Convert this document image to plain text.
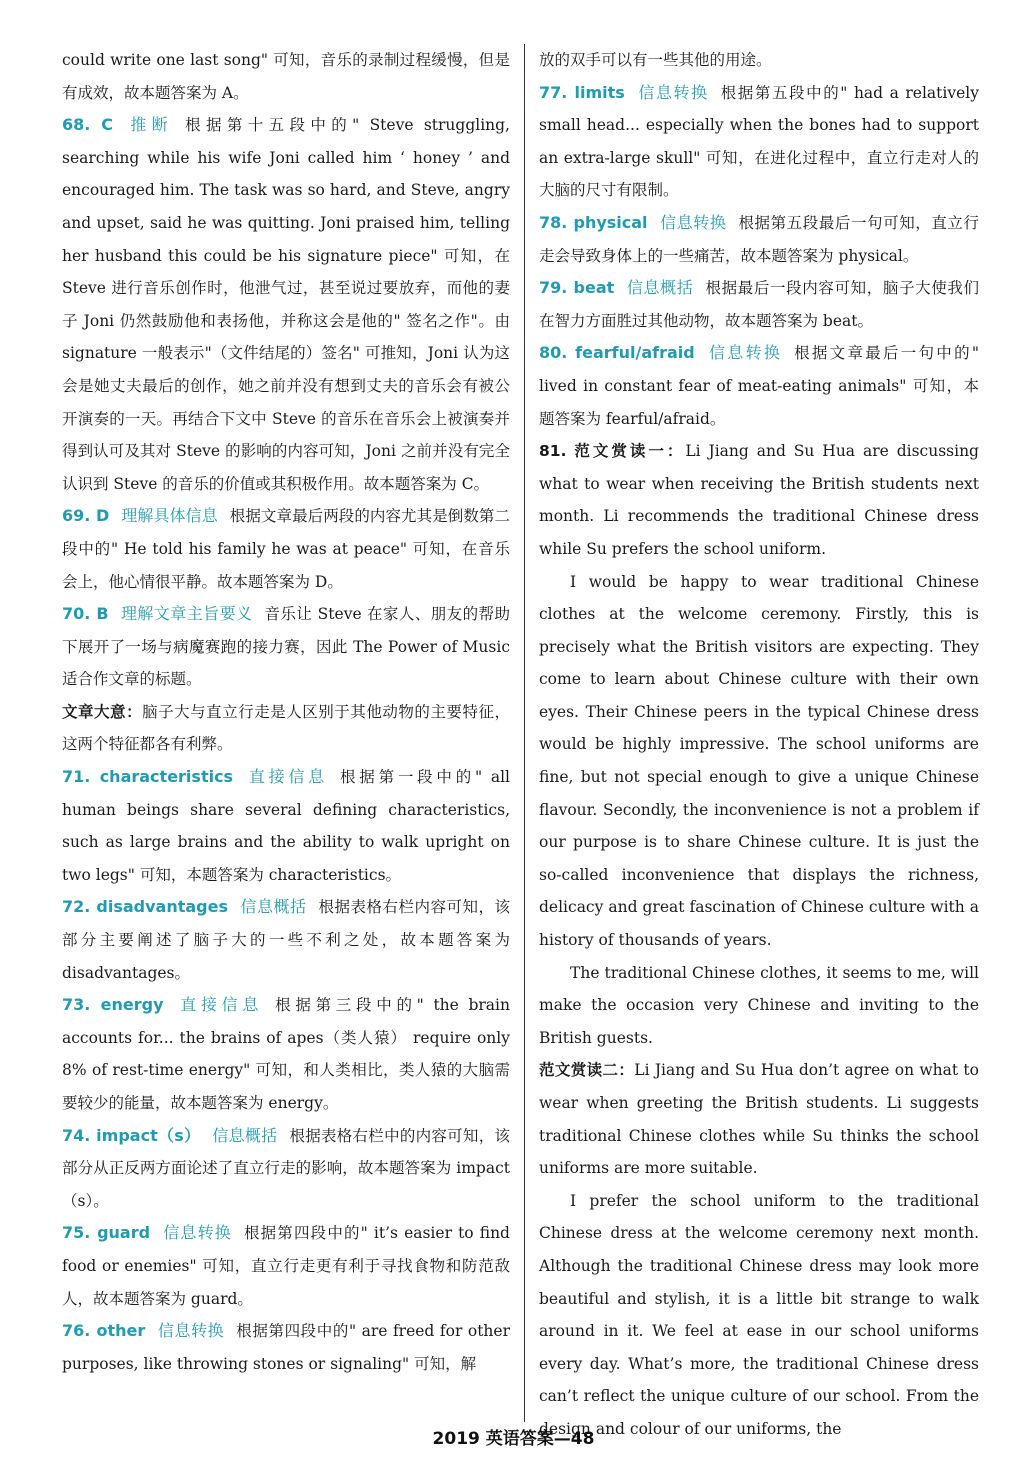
could write one last song" 可知，音乐的录制过程缓慢，但是有成效，故本题答案为 A。

68. C 推断 根据第十五段中的" Steve struggling, searching while his wife Joni called him ‘ honey ’ and encouraged him. The task was so hard, and Steve, angry and upset, said he was quitting. Joni praised him, telling her husband this could be his signature piece" 可知，在 Steve 进行音乐创作时，他泄气过，甚至说过要放弃，而他的妻子 Joni 仍然鼓励他和表扬他，并称这会是他的" 签名之作"。由 signature 一般表示"（文件结尾的）签名" 可推知，Joni 认为这会是她丈夫最后的创作，她之前并没有想到丈夫的音乐会有被公开演奏的一天。再结合下文中 Steve 的音乐在音乐会上被演奏并得到认可及其对 Steve 的影响的内容可知，Joni 之前并没有完全认识到 Steve 的音乐的价值或其积极作用。故本题答案为 C。

69. D 理解具体信息 根据文章最后两段的内容尤其是倒数第二段中的" He told his family he was at peace" 可知，在音乐会上，他心情很平静。故本题答案为 D。

70. B 理解文章主旨要义 音乐让 Steve 在家人、朋友的帮助下展开了一场与病魔赛跑的接力赛，因此 The Power of Music 适合作文章的标题。

文章大意：脑子大与直立行走是人区别于其他动物的主要特征，这两个特征都各有利弊。

71. characteristics 直接信息 根据第一段中的" all human beings share several defining characteristics, such as large brains and the ability to walk upright on two legs" 可知，本题答案为 characteristics。

72. disadvantages 信息概括 根据表格右栏内容可知，该部分主要阐述了脑子大的一些不利之处，故本题答案为 disadvantages。

73. energy 直接信息 根据第三段中的" the brain accounts for... the brains of apes（类人猿） require only 8% of rest-time energy" 可知，和人类相比，类人猿的大脑需要较少的能量，故本题答案为 energy。

74. impact（s） 信息概括 根据表格右栏中的内容可知，该部分从正反两方面论述了直立行走的影响，故本题答案为 impact（s）。

75. guard 信息转换 根据第四段中的" it’s easier to find food or enemies" 可知，直立行走更有利于寻找食物和防范敌人，故本题答案为 guard。

76. other 信息转换 根据第四段中的" are freed for other purposes, like throwing stones or signaling" 可知，解

放的双手可以有一些其他的用途。

77. limits 信息转换 根据第五段中的" had a relatively small head... especially when the bones had to support an extra-large skull" 可知，在进化过程中，直立行走对人的大脑的尺寸有限制。

78. physical 信息转换 根据第五段最后一句可知，直立行走会导致身体上的一些痛苦，故本题答案为 physical。

79. beat 信息概括 根据最后一段内容可知，脑子大使我们在智力方面胜过其他动物，故本题答案为 beat。

80. fearful/afraid 信息转换 根据文章最后一句中的" lived in constant fear of meat-eating animals" 可知，本题答案为 fearful/afraid。

81. 范文赏读一：Li Jiang and Su Hua are discussing what to wear when receiving the British students next month. Li recommends the traditional Chinese dress while Su prefers the school uniform.

I would be happy to wear traditional Chinese clothes at the welcome ceremony. Firstly, this is precisely what the British visitors are expecting. They come to learn about Chinese culture with their own eyes. Their Chinese peers in the typical Chinese dress would be highly impressive. The school uniforms are fine, but not special enough to give a unique Chinese flavour. Secondly, the inconvenience is not a problem if our purpose is to share Chinese culture. It is just the so-called inconvenience that displays the richness, delicacy and great fascination of Chinese culture with a history of thousands of years.

The traditional Chinese clothes, it seems to me, will make the occasion very Chinese and inviting to the British guests.

范文赏读二：Li Jiang and Su Hua don’t agree on what to wear when greeting the British students. Li suggests traditional Chinese clothes while Su thinks the school uniforms are more suitable.

I prefer the school uniform to the traditional Chinese dress at the welcome ceremony next month. Although the traditional Chinese dress may look more beautiful and stylish, it is a little bit strange to walk around in it. We feel at ease in our school uniforms every day. What’s more, the traditional Chinese dress can’t reflect the unique culture of our school. From the design and colour of our uniforms, the

2019 英语答案—48
